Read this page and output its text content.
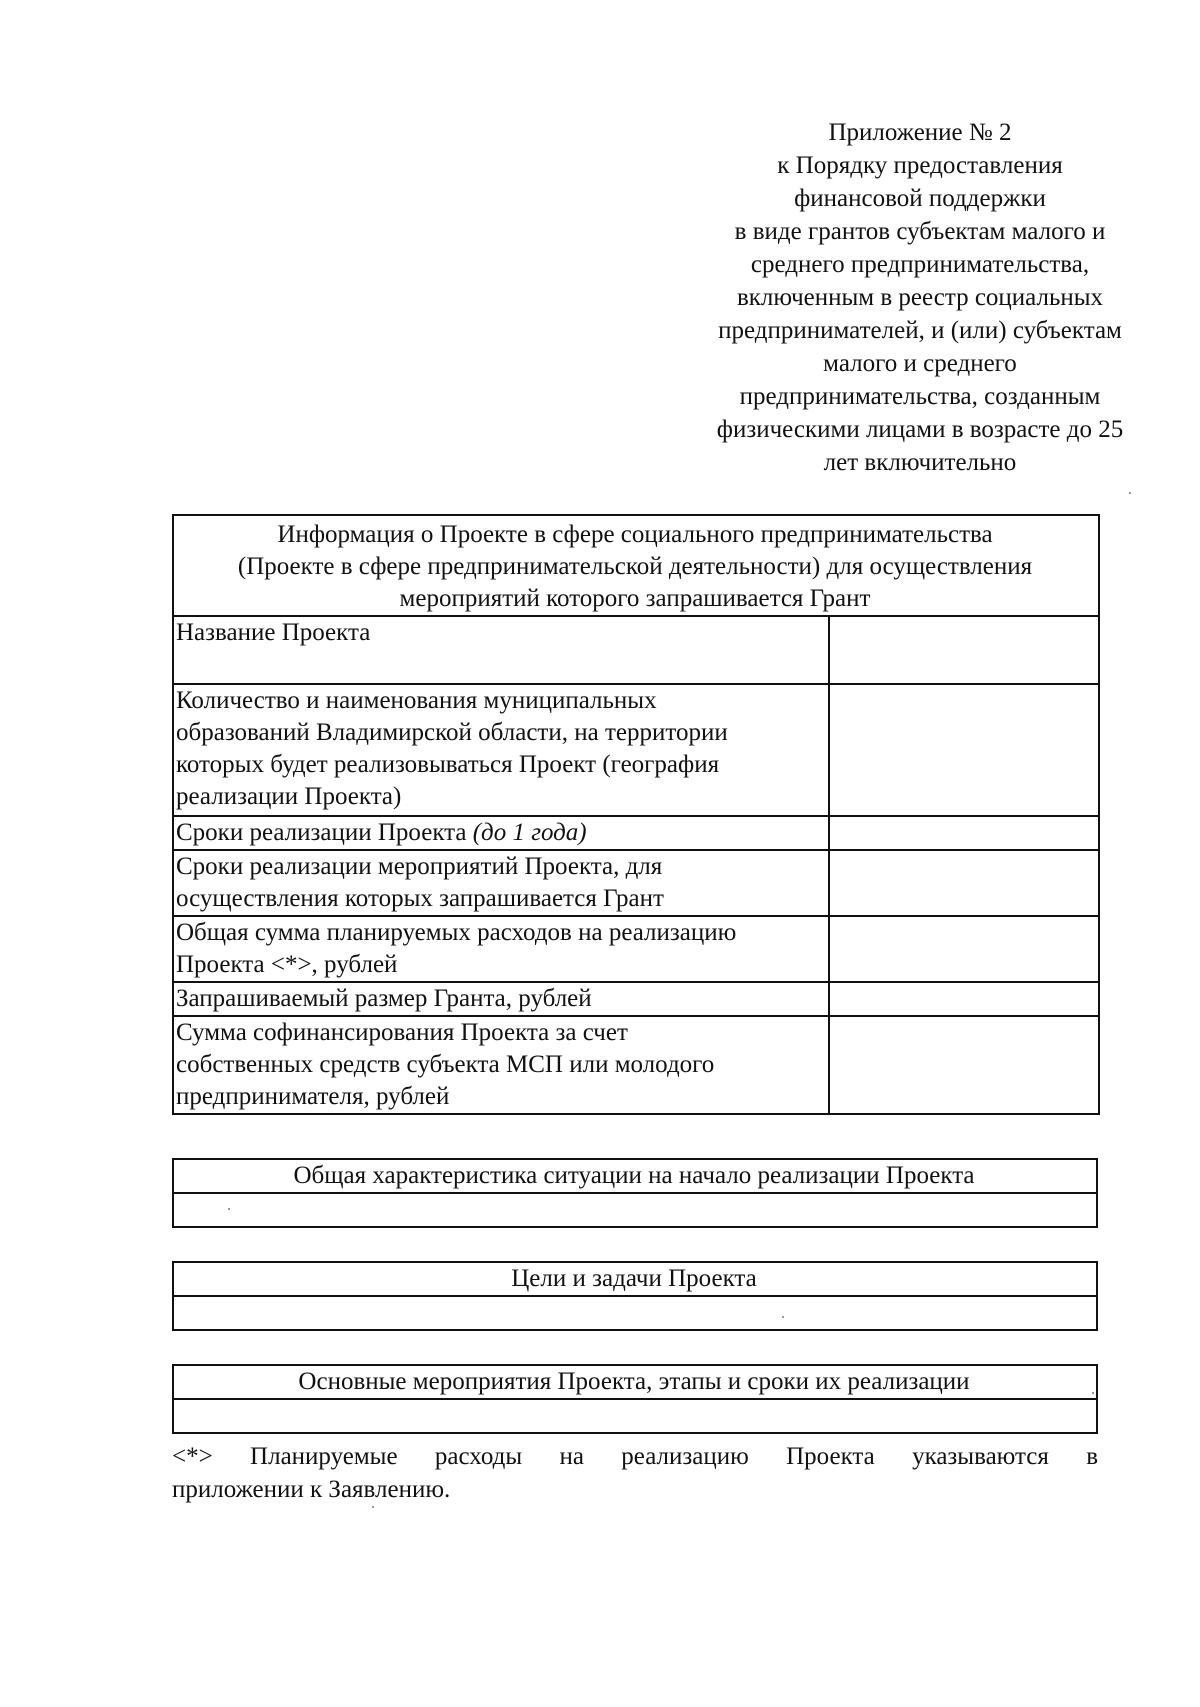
Приложение № 2
к Порядку предоставления
финансовой поддержки
в виде грантов субъектам малого и
среднего предпринимательства,
включенным в реестр социальных
предпринимателей, и (или) субъектам
малого и среднего
предпринимательства, созданным
физическими лицами в возрасте до 25
лет включительно
Информация о Проекте в сфере социального предпринимательства
(Проекте в сфере предпринимательской деятельности) для осуществления
мероприятий которого запрашивается Грант	

Название Проекта	

Количество и наименования муниципальных
образований Владимирской области, на территории
которых будет реализовываться Проект (география
реализации Проекта)	

Сроки реализации Проекта (до 1 года)	

Сроки реализации мероприятий Проекта, для
осуществления которых запрашивается Грант	

Общая сумма планируемых расходов на реализацию
Проекта <*>, рублей	

Запрашиваемый размер Гранта, рублей	

Сумма софинансирования Проекта за счет
собственных средств субъекта МСП или молодого
предпринимателя, рублей	

Общая характеристика ситуации на начало реализации Проекта

Цели и задачи Проекта

Основные мероприятия Проекта, этапы и сроки их реализации

<*> Планируемые расходы на реализацию Проекта указываются в
приложении к Заявлению.
